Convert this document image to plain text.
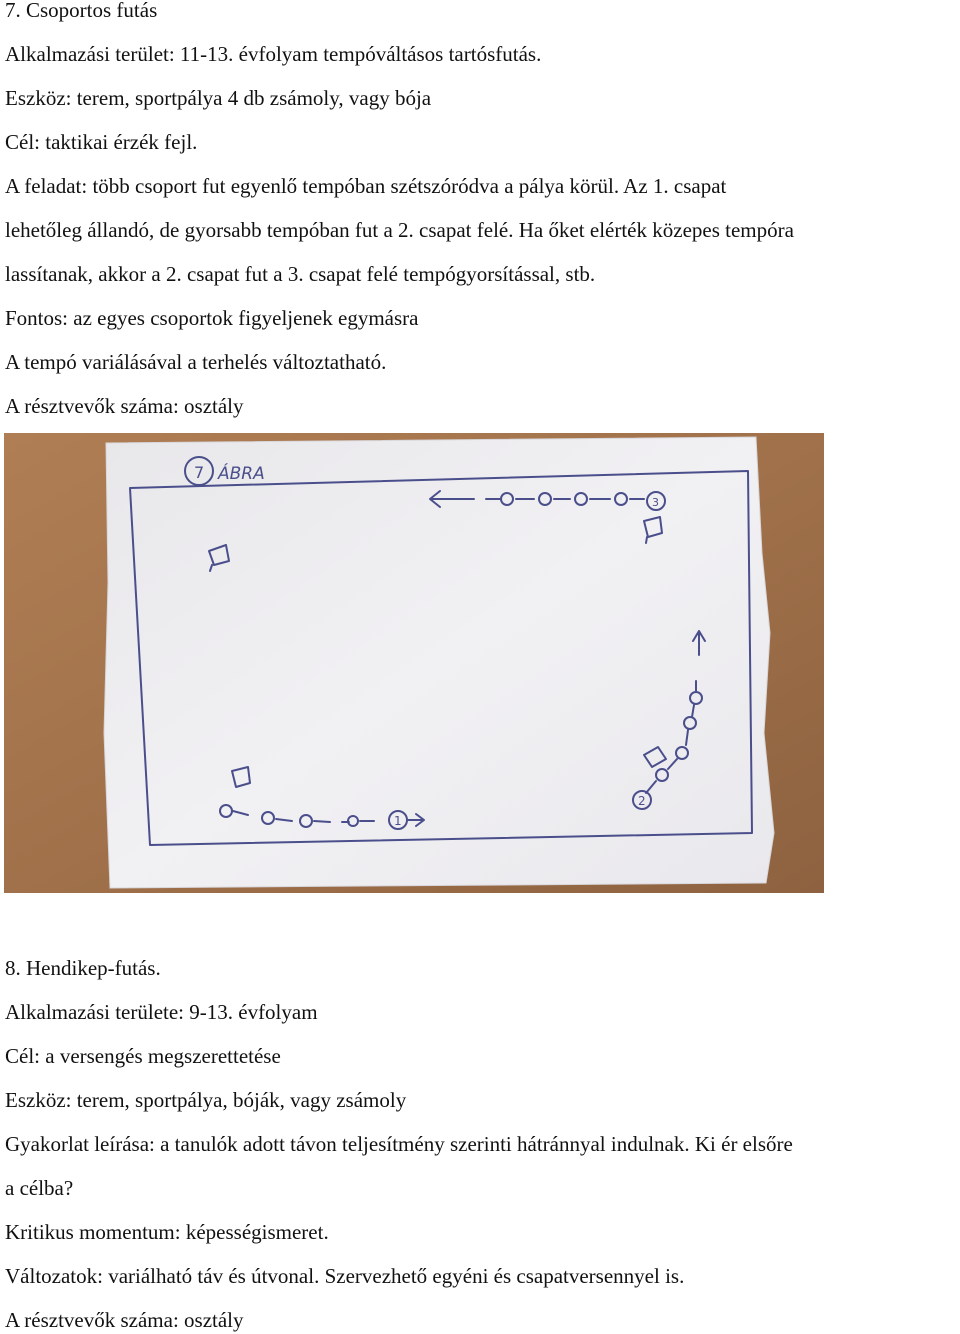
7. Csoportos futás
Alkalmazási terület: 11-13. évfolyam tempóváltásos tartósfutás.
Eszköz: terem, sportpálya 4 db zsámoly, vagy bója
Cél: taktikai érzék fejl.
A feladat: több csoport fut egyenlő tempóban szétszóródva a pálya körül. Az 1. csapat
lehetőleg állandó, de gyorsabb tempóban fut a 2. csapat felé. Ha őket elérték közepes tempóra
lassítanak, akkor a 2. csapat fut a 3. csapat felé tempógyorsítással, stb.
Fontos: az egyes csoportok figyeljenek egymásra
A tempó variálásával a terhelés változtatható.
A résztvevők száma: osztály
7 ÁBRA
3
2
1
8. Hendikep-futás.
Alkalmazási területe: 9-13. évfolyam
Cél: a versengés megszerettetése
Eszköz: terem, sportpálya, bóják, vagy zsámoly
Gyakorlat leírása: a tanulók adott távon teljesítmény szerinti hátránnyal indulnak. Ki ér elsőre
a célba?
Kritikus momentum: képességismeret.
Változatok: variálható táv és útvonal. Szervezhető egyéni és csapatversennyel is.
A résztvevők száma: osztály
